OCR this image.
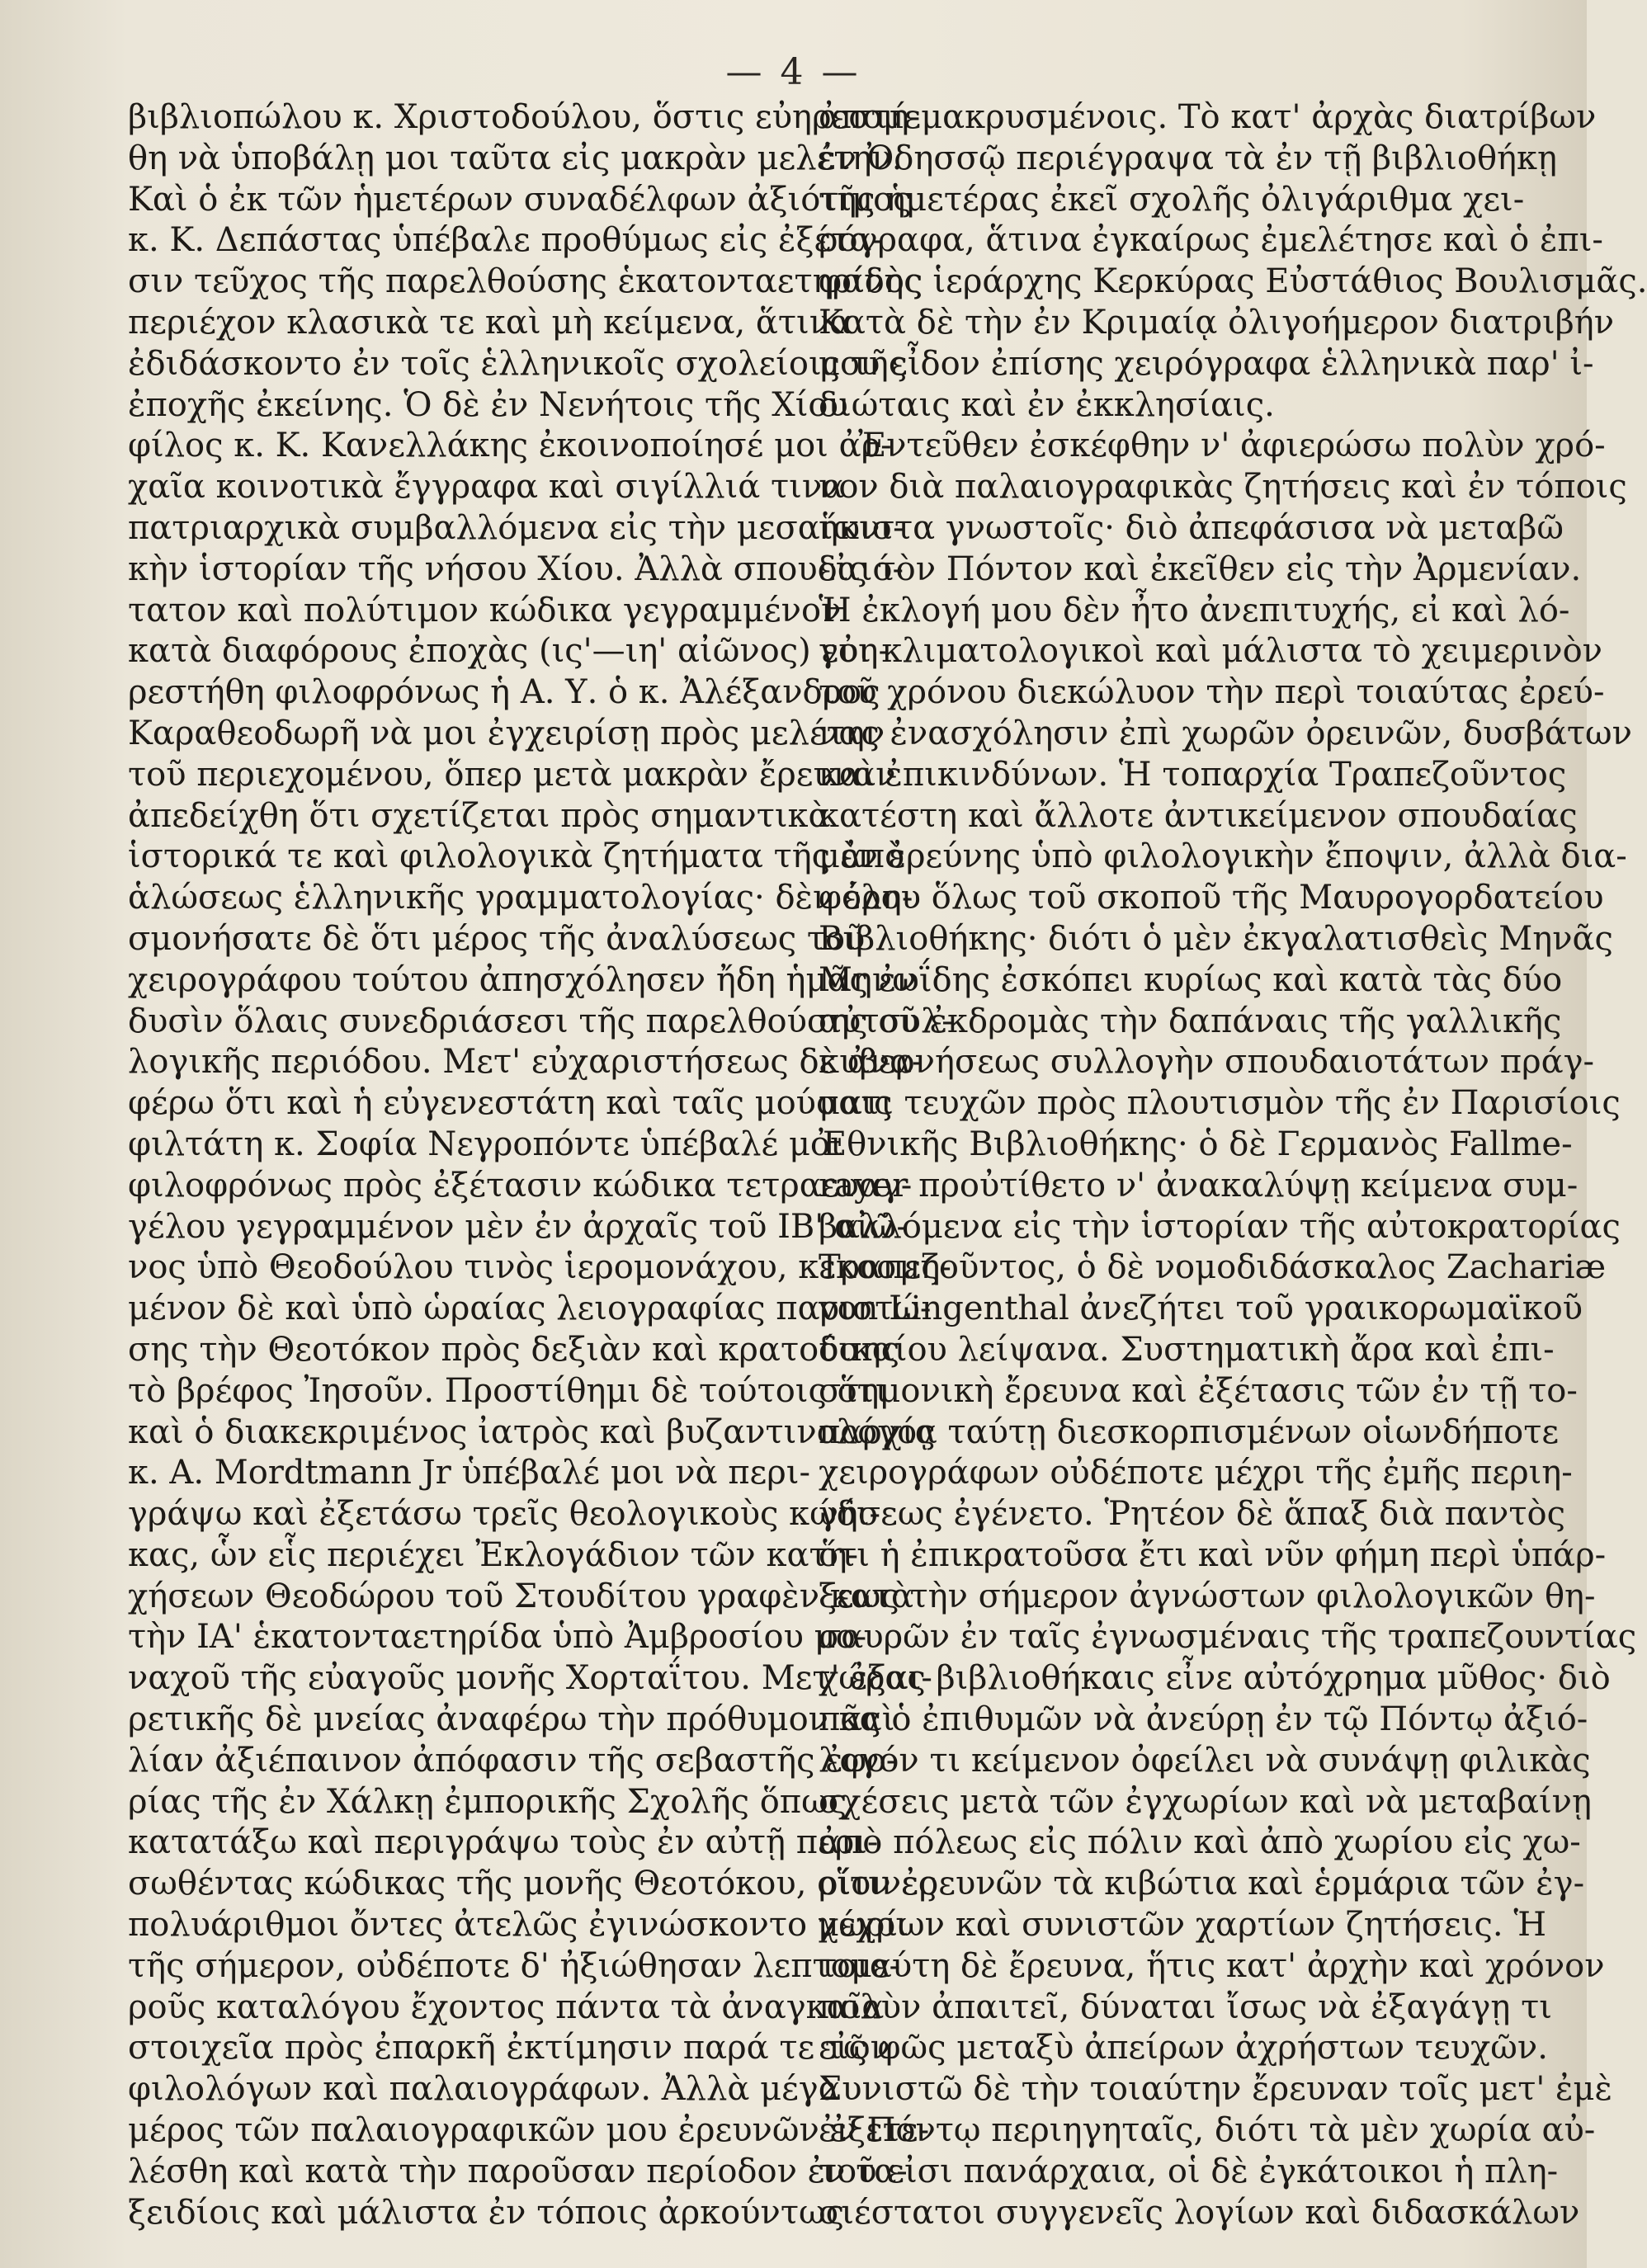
— 4 —
βιβλιοπώλου κ. Χριστοδούλου, ὅστις εὐηρεστή-
θη νὰ ὑποβάλῃ μοι ταῦτα εἰς μακρὰν μελέτην.
Καὶ ὁ ἐκ τῶν ἡμετέρων συναδέλφων ἀξιότιμος
κ. Κ. Δεπάστας ὑπέβαλε προθύμως εἰς ἐξέτα-
σιν τεῦχος τῆς παρελθούσης ἑκατονταετηρίδος
περιέχον κλασικὰ τε καὶ μὴ κείμενα, ἅτινα
ἐδιδάσκοντο ἐν τοῖς ἑλληνικοῖς σχολείοις τῆς
ἐποχῆς ἐκείνης. Ὁ δὲ ἐν Νενήτοις τῆς Χίου
φίλος κ. Κ. Κανελλάκης ἐκοινοποίησέ μοι ἀρ-
χαῖα κοινοτικὰ ἔγγραφα καὶ σιγίλλιά τινα
πατριαρχικὰ συμβαλλόμενα εἰς τὴν μεσαιωνι-
κὴν ἱστορίαν τῆς νήσου Χίου. Ἀλλὰ σπουδαιό-
τατον καὶ πολύτιμον κώδικα γεγραμμένον
κατὰ διαφόρους ἐποχὰς (ις'—ιη' αἰῶνος) εὐη-
ρεστήθη φιλοφρόνως ἡ Α. Υ. ὁ κ. Ἀλέξανδρος
Καραθεοδωρῆ νὰ μοι ἐγχειρίσῃ πρὸς μελέτην
τοῦ περιεχομένου, ὅπερ μετὰ μακρὰν ἔρευναν
ἀπεδείχθη ὅτι σχετίζεται πρὸς σημαντικὰ
ἱστορικά τε καὶ φιλολογικὰ ζητήματα τῆς ἀπὸ
ἁλώσεως ἑλληνικῆς γραμματολογίας· δὲν ἐλη-
σμονήσατε δὲ ὅτι μέρος τῆς ἀναλύσεως τοῦ
χειρογράφου τούτου ἀπησχόλησεν ἤδη ἡμᾶς ἐν
δυσὶν ὅλαις συνεδριάσεσι τῆς παρελθούσης συλ-
λογικῆς περιόδου. Μετ' εὐχαριστήσεως δὲ ἀνα-
φέρω ὅτι καὶ ἡ εὐγενεστάτη καὶ ταῖς μούσαις
φιλτάτη κ. Σοφία Νεγροπόντε ὑπέβαλέ μοι
φιλοφρόνως πρὸς ἐξέτασιν κώδικα τετραευαγ-
γέλου γεγραμμένον μὲν ἐν ἀρχαῖς τοῦ ΙΒ' αἰῶ-
νος ὑπὸ Θεοδούλου τινὸς ἱερομονάχου, κεκοσμη-
μένον δὲ καὶ ὑπὸ ὡραίας λειογραφίας παριστώ-
σης τὴν Θεοτόκον πρὸς δεξιὰν καὶ κρατούσης
τὸ βρέφος Ἰησοῦν. Προστίθημι δὲ τούτοις ὅτι
καὶ ὁ διακεκριμένος ἰατρὸς καὶ βυζαντινολόγος
κ. A. Mordtmann Jr ὑπέβαλέ μοι νὰ περι-
γράψω καὶ ἐξετάσω τρεῖς θεολογικοὺς κώδι-
κας, ὧν εἷς περιέχει Ἐκλογάδιον τῶν κατη-
χήσεων Θεοδώρου τοῦ Στουδίτου γραφὲν κατὰ
τὴν ΙΑ' ἑκατονταετηρίδα ὑπὸ Ἀμβροσίου μο-
ναχοῦ τῆς εὐαγοῦς μονῆς Χορταΐτου. Μετ' ἐξαι-
ρετικῆς δὲ μνείας ἀναφέρω τὴν πρόθυμον καὶ
λίαν ἀξιέπαινον ἀπόφασιν τῆς σεβαστῆς ἐφο-
ρίας τῆς ἐν Χάλκῃ ἐμπορικῆς Σχολῆς ὅπως
κατατάξω καὶ περιγράψω τοὺς ἐν αὐτῇ περι-
σωθέντας κώδικας τῆς μονῆς Θεοτόκου, οἵτινες
πολυάριθμοι ὄντες ἀτελῶς ἐγινώσκοντο μέχρι
τῆς σήμερον, οὐδέποτε δ' ἠξιώθησαν λεπτομε-
ροῦς καταλόγου ἔχοντος πάντα τὰ ἀναγκαῖα
στοιχεῖα πρὸς ἐπαρκῆ ἐκτίμησιν παρά τε τῶν
φιλολόγων καὶ παλαιογράφων. Ἀλλὰ μέγα
μέρος τῶν παλαιογραφικῶν μου ἐρευνῶν ἐξετε-
λέσθη καὶ κατὰ τὴν παροῦσαν περίοδον ἐν τα-
ξειδίοις καὶ μάλιστα ἐν τόποις ἀρκούντως
ἀπομεμακρυσμένοις. Τὸ κατ' ἀρχὰς διατρίβων
ἐν Ὀδησσῷ περιέγραψα τὰ ἐν τῇ βιβλιοθήκῃ
τῆς ἡμετέρας ἐκεῖ σχολῆς ὀλιγάριθμα χει-
ρόγραφα, ἅτινα ἐγκαίρως ἐμελέτησε καὶ ὁ ἐπι-
φανὴς ἱεράρχης Κερκύρας Εὐστάθιος Βουλισμᾶς.
Κατὰ δὲ τὴν ἐν Κριμαίᾳ ὀλιγοήμερον διατριβήν
μου εἶδον ἐπίσης χειρόγραφα ἑλληνικὰ παρ' ἰ-
διώταις καὶ ἐν ἐκκλησίαις.
Ἐντεῦθεν ἐσκέφθην ν' ἀφιερώσω πολὺν χρό-
νον διὰ παλαιογραφικὰς ζητήσεις καὶ ἐν τόποις
ἥκιστα γνωστοῖς· διὸ ἀπεφάσισα νὰ μεταβῶ
εἰς τὸν Πόντον καὶ ἐκεῖθεν εἰς τὴν Ἀρμενίαν.
Ἡ ἐκλογή μου δὲν ἦτο ἀνεπιτυχής, εἰ καὶ λό-
γοι κλιματολογικοὶ καὶ μάλιστα τὸ χειμερινὸν
τοῦ χρόνου διεκώλυον τὴν περὶ τοιαύτας ἐρεύ-
νας ἐνασχόλησιν ἐπὶ χωρῶν ὀρεινῶν, δυσβάτων
καὶ ἐπικινδύνων. Ἡ τοπαρχία Τραπεζοῦντος
κατέστη καὶ ἄλλοτε ἀντικείμενον σπουδαίας
μὲν ἐρεύνης ὑπὸ φιλολογικὴν ἔποψιν, ἀλλὰ δια-
φόρου ὅλως τοῦ σκοποῦ τῆς Μαυρογορδατείου
Βιβλιοθήκης· διότι ὁ μὲν ἐκγαλατισθεὶς Μηνᾶς
Μηνωΐδης ἐσκόπει κυρίως καὶ κατὰ τὰς δύο
αὐτοῦ ἐκδρομὰς τὴν δαπάναις τῆς γαλλικῆς
κυβερνήσεως συλλογὴν σπουδαιοτάτων πράγ-
ματι τευχῶν πρὸς πλουτισμὸν τῆς ἐν Παρισίοις
Ἐθνικῆς Βιβλιοθήκης· ὁ δὲ Γερμανὸς Fallme-
rayer προὐτίθετο ν' ἀνακαλύψῃ κείμενα συμ-
βαλλόμενα εἰς τὴν ἱστορίαν τῆς αὐτοκρατορίας
Τραπεζοῦντος, ὁ δὲ νομοδιδάσκαλος Zachariæ
von Lingenthal ἀνεζήτει τοῦ γραικορωμαϊκοῦ
δικαίου λείψανα. Συστηματικὴ ἄρα καὶ ἐπι-
στημονικὴ ἔρευνα καὶ ἐξέτασις τῶν ἐν τῇ το-
παρχίᾳ ταύτῃ διεσκορπισμένων οἱωνδήποτε
χειρογράφων οὐδέποτε μέχρι τῆς ἐμῆς περιη-
γήσεως ἐγένετο. Ῥητέον δὲ ἅπαξ διὰ παντὸς
ὅτι ἡ ἐπικρατοῦσα ἔτι καὶ νῦν φήμη περὶ ὑπάρ-
ξεως τὴν σήμερον ἀγνώστων φιλολογικῶν θη-
σαυρῶν ἐν ταῖς ἐγνωσμέναις τῆς τραπεζουντίας
χώρας βιβλιοθήκαις εἶνε αὐτόχρημα μῦθος· διὸ
πᾶς ὁ ἐπιθυμῶν νὰ ἀνεύρῃ ἐν τῷ Πόντῳ ἀξιό-
λογόν τι κείμενον ὀφείλει νὰ συνάψῃ φιλικὰς
σχέσεις μετὰ τῶν ἐγχωρίων καὶ νὰ μεταβαίνῃ
ἀπὸ πόλεως εἰς πόλιν καὶ ἀπὸ χωρίου εἰς χω-
ρίον ἐρευνῶν τὰ κιβώτια καὶ ἑρμάρια τῶν ἐγ-
χωρίων καὶ συνιστῶν χαρτίων ζητήσεις. Ἡ
τοιαύτη δὲ ἔρευνα, ἥτις κατ' ἀρχὴν καὶ χρόνον
πολὺν ἀπαιτεῖ, δύναται ἴσως νὰ ἐξαγάγῃ τι
εἰς φῶς μεταξὺ ἀπείρων ἀχρήστων τευχῶν.
Συνιστῶ δὲ τὴν τοιαύτην ἔρευναν τοῖς μετ' ἐμὲ
ἐν Πόντῳ περιηγηταῖς, διότι τὰ μὲν χωρία αὐ-
τοῦ εἰσι πανάρχαια, οἱ δὲ ἐγκάτοικοι ἡ πλη-
σιέστατοι συγγενεῖς λογίων καὶ διδασκάλων
